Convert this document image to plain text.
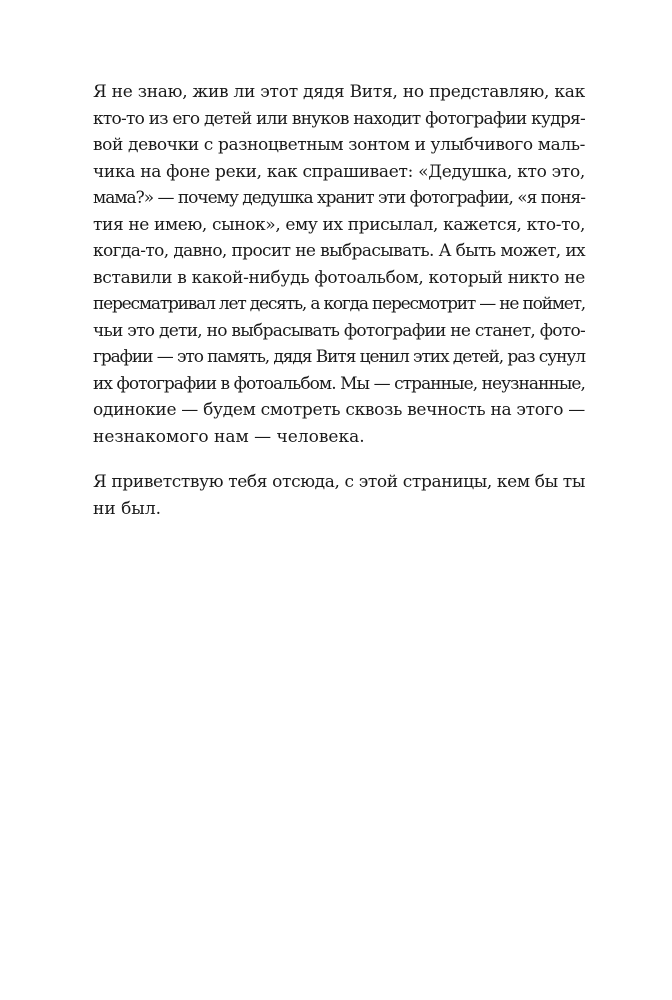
Я не знаю, жив ли этот дядя Витя, но представляю, как
кто-то из его детей или внуков находит фотографии кудря-
вой девочки с разноцветным зонтом и улыбчивого маль-
чика на фоне реки, как спрашивает: «Дедушка, кто это,
мама?» — почему дедушка хранит эти фотографии, «я поня-
тия не имею, сынок», ему их присылал, кажется, кто-то,
когда-то, давно, просит не выбрасывать. А быть может, их
вставили в какой-нибудь фотоальбом, который никто не
пересматривал лет десять, а когда пересмотрит — не поймет,
чьи это дети, но выбрасывать фотографии не станет, фото-
графии — это память, дядя Витя ценил этих детей, раз сунул
их фотографии в фотоальбом. Мы — странные, неузнанные,
одинокие — будем смотреть сквозь вечность на этого —
незнакомого нам — человека.

Я приветствую тебя отсюда, с этой страницы, кем бы ты
ни был.
